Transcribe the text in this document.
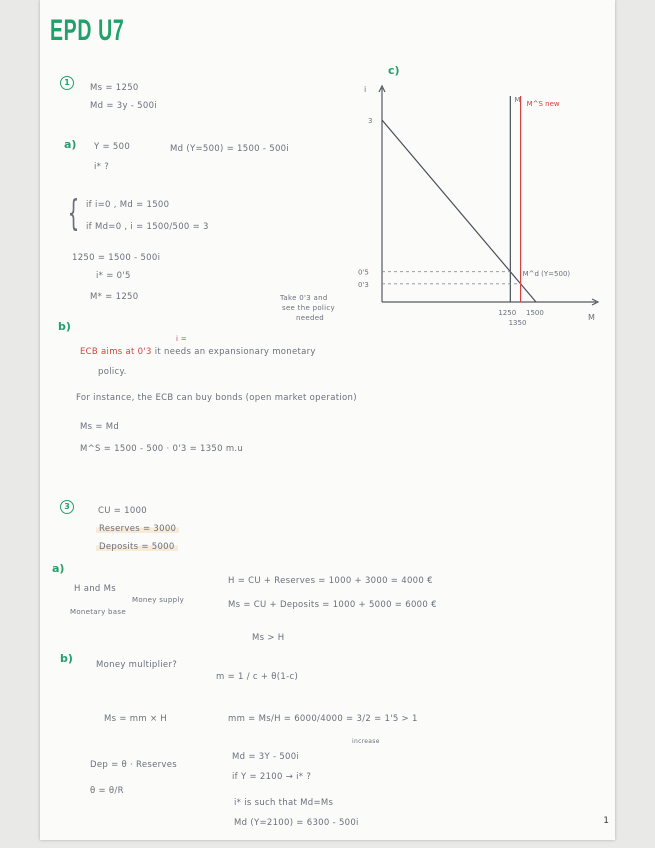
EPD U7
1
Ms = 1250
Md = 3y - 500i
a) Y = 500	Md (Y=500) = 1500 - 500i
i* ?
{ if i=0 , Md = 1500
if Md=0 , i = 1500/500 = 3
1250 = 1500 - 500i
i* = 0'5
M* = 1250	Take 0'3 and
see the policy
needed
b)
i =
ECB aims at 0'3 it needs an expansionary monetary
policy.
For instance, the ECB can buy bonds (open market operation)
Ms = Md
M^S = 1500 - 500 · 0'3 = 1350 m.u
c)
i
M
3
0'5
0'3
1250
1350
1500
M M^S new
M^d (Y=500)
3	CU = 1000
Reserves = 3000
Deposits = 5000
a)
H and Ms
Monetary base
Money supply
H = CU + Reserves = 1000 + 3000 = 4000 €
Ms = CU + Deposits = 1000 + 5000 = 6000 €
Ms > H
b)	Money multiplier?
m = 1 / c + θ(1-c)
Ms = mm × H	mm = Ms/H = 6000/4000 = 3/2 = 1'5 > 1
Dep = θ · Reserves
θ = θ/R
Md = 3Y - 500i
increase
if Y = 2100 → i* ?
i* is such that Md=Ms
Md (Y=2100) = 6300 - 500i	1
